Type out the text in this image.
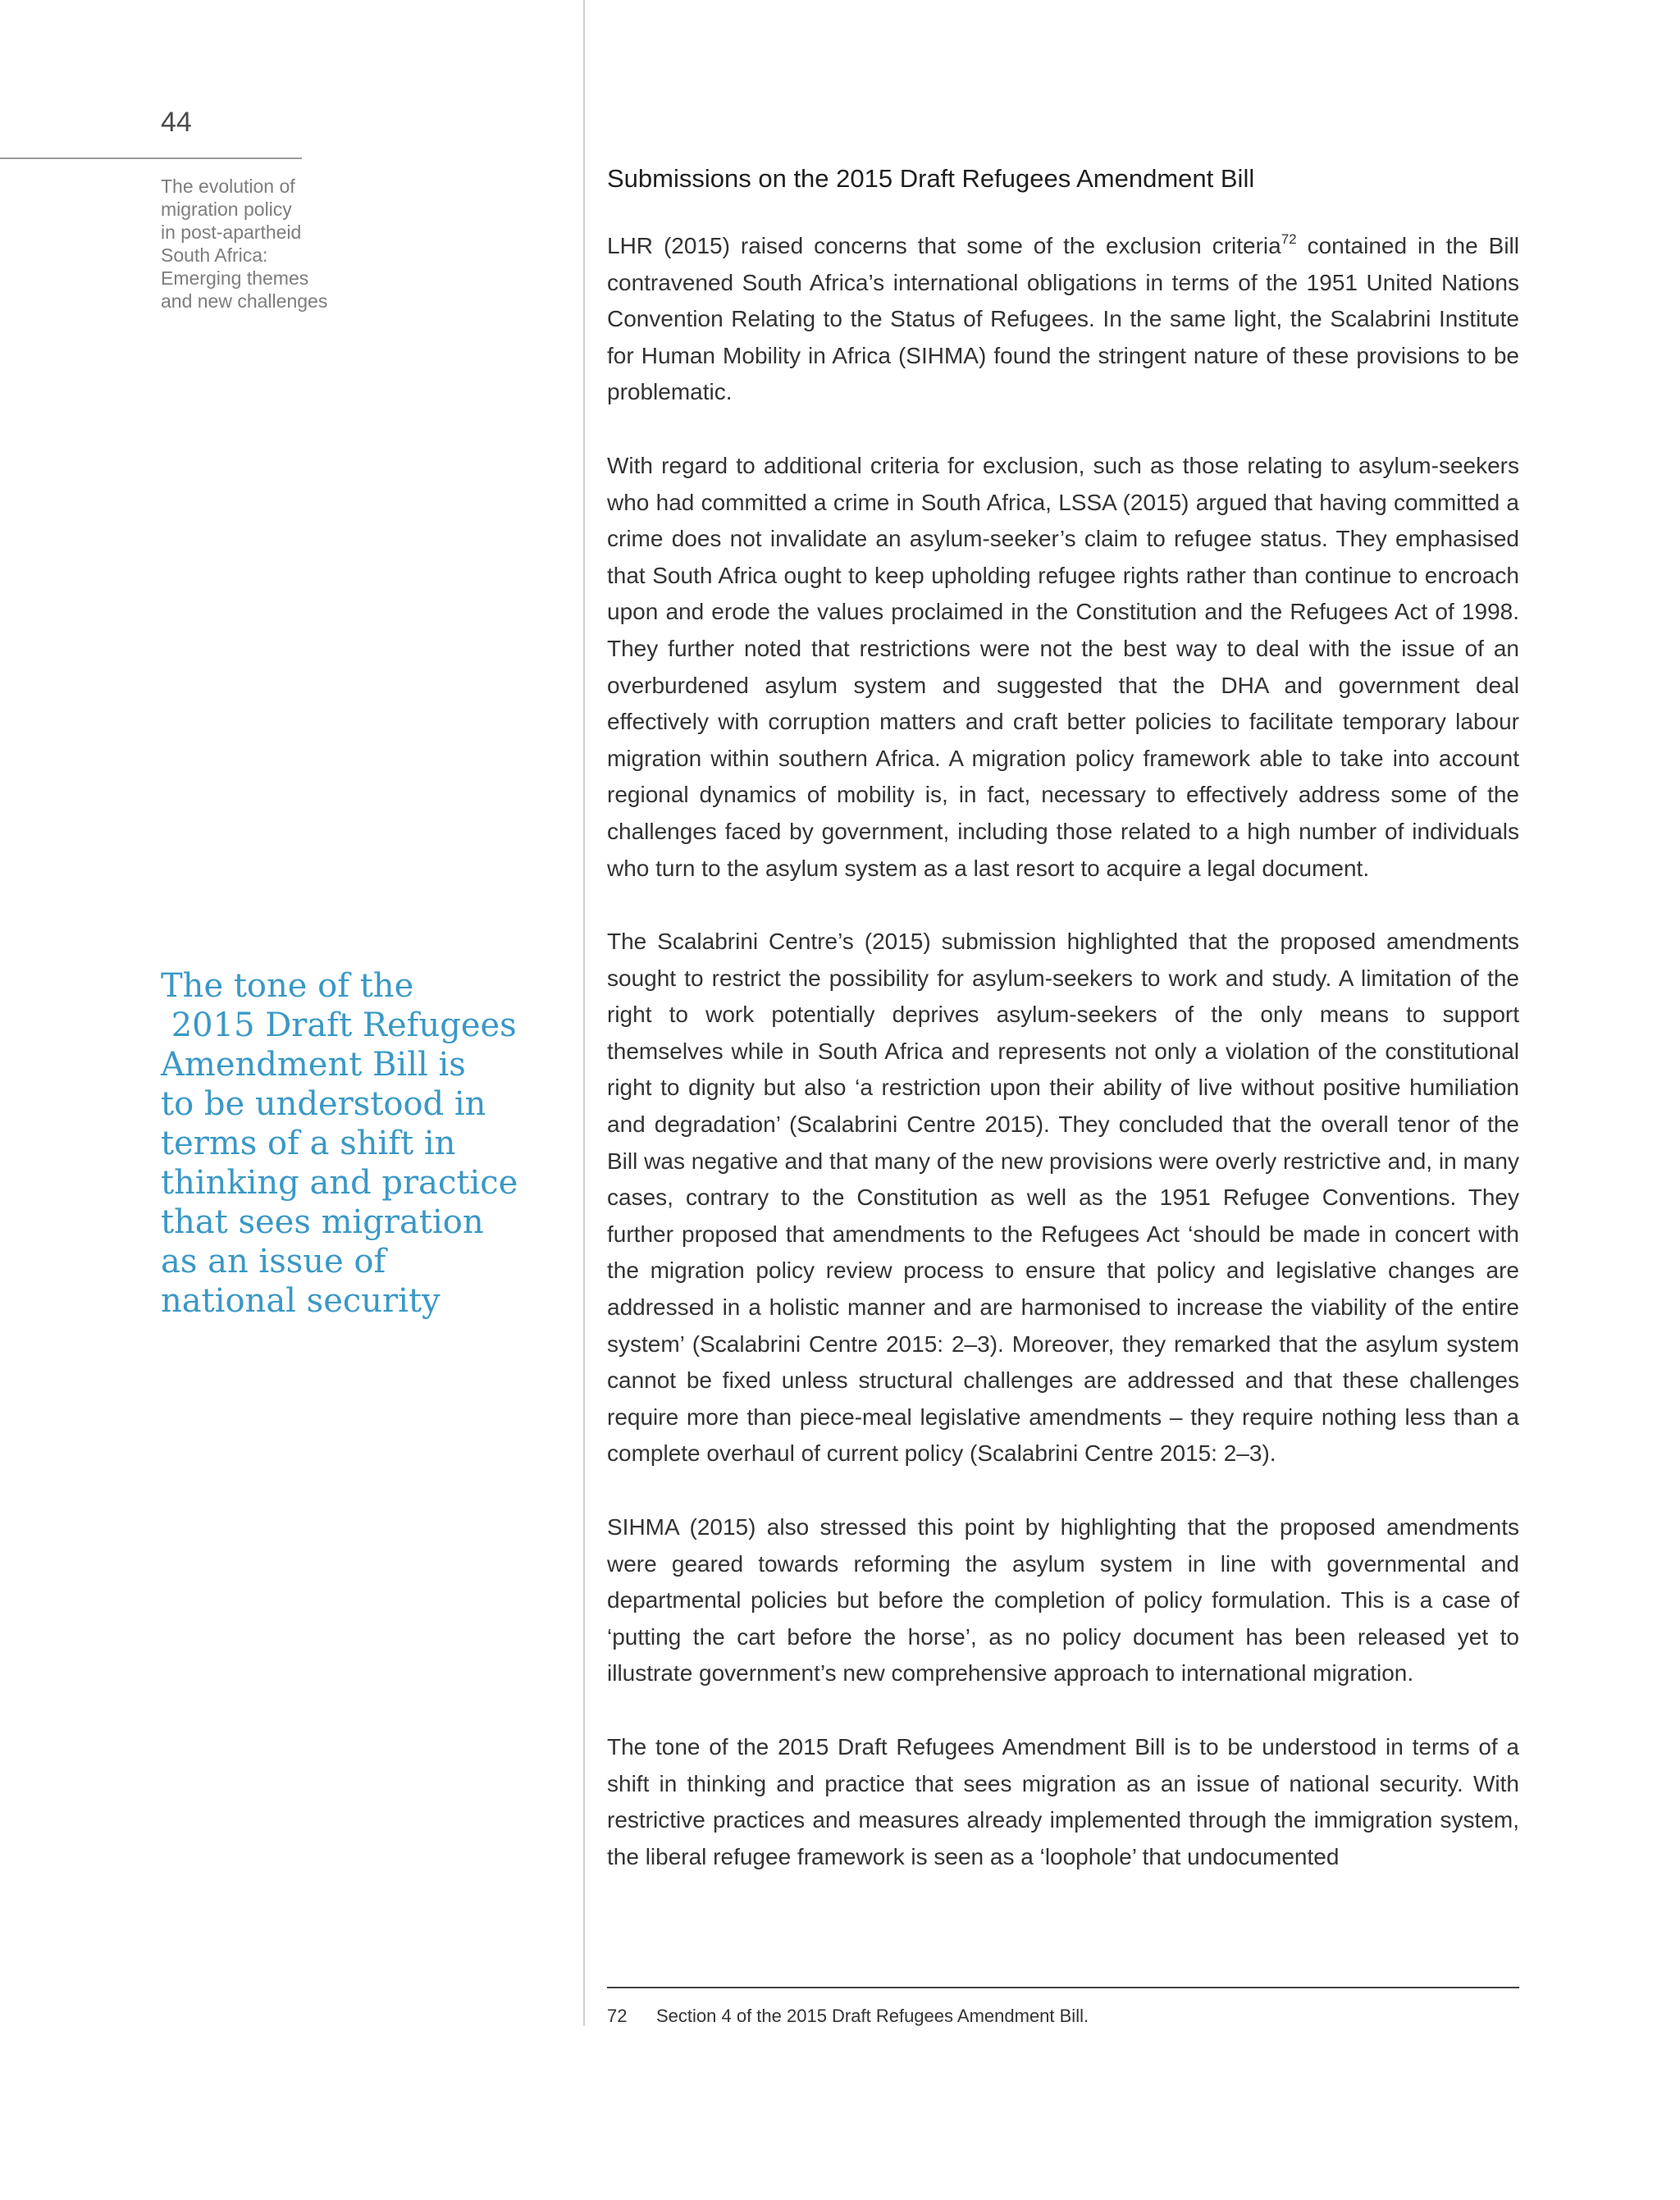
44
The evolution of
migration policy
in post-apartheid
South Africa:
Emerging themes
and new challenges
The tone of the
2015 Draft Refugees
Amendment Bill is
to be understood in
terms of a shift in
thinking and practice
that sees migration
as an issue of
national security
Submissions on the 2015 Draft Refugees Amendment Bill

LHR (2015) raised concerns that some of the exclusion criteria$^{72}$ contained in the Bill contravened South Africa’s international obligations in terms of the 1951 United Nations Convention Relating to the Status of Refugees. In the same light, the Scalabrini Institute for Human Mobility in Africa (SIHMA) found the stringent nature of these provisions to be problematic.

With regard to additional criteria for exclusion, such as those relating to asylum-seekers who had committed a crime in South Africa, LSSA (2015) argued that having committed a crime does not invalidate an asylum-seeker’s claim to refugee status. They emphasised that South Africa ought to keep upholding refugee rights rather than continue to encroach upon and erode the values proclaimed in the Constitution and the Refugees Act of 1998. They further noted that restrictions were not the best way to deal with the issue of an overburdened asylum system and suggested that the DHA and government deal effectively with corruption matters and craft better policies to facilitate temporary labour migration within southern Africa. A migration policy framework able to take into account regional dynamics of mobility is, in fact, necessary to effectively address some of the challenges faced by government, including those related to a high number of individuals who turn to the asylum system as a last resort to acquire a legal document.

The Scalabrini Centre’s (2015) submission highlighted that the proposed amendments sought to restrict the possibility for asylum-seekers to work and study. A limitation of the right to work potentially deprives asylum-seekers of the only means to support themselves while in South Africa and represents not only a violation of the constitutional right to dignity but also ‘a restriction upon their ability of live without positive humiliation and degradation’ (Scalabrini Centre 2015). They concluded that the overall tenor of the Bill was negative and that many of the new provisions were overly restrictive and, in many cases, contrary to the Constitution as well as the 1951 Refugee Conventions. They further proposed that amendments to the Refugees Act ‘should be made in concert with the migration policy review process to ensure that policy and legislative changes are addressed in a holistic manner and are harmonised to increase the viability of the entire system’ (Scalabrini Centre 2015: 2–3). Moreover, they remarked that the asylum system cannot be fixed unless structural challenges are addressed and that these challenges require more than piece-meal legislative amendments – they require nothing less than a complete overhaul of current policy (Scalabrini Centre 2015: 2–3).

SIHMA (2015) also stressed this point by highlighting that the proposed amendments were geared towards reforming the asylum system in line with governmental and departmental policies but before the completion of policy formulation. This is a case of ‘putting the cart before the horse’, as no policy document has been released yet to illustrate government’s new comprehensive approach to international migration.

The tone of the 2015 Draft Refugees Amendment Bill is to be understood in terms of a shift in thinking and practice that sees migration as an issue of national security. With restrictive practices and measures already implemented through the immigration system, the liberal refugee framework is seen as a ‘loophole’ that undocumented

72 Section 4 of the 2015 Draft Refugees Amendment Bill.
